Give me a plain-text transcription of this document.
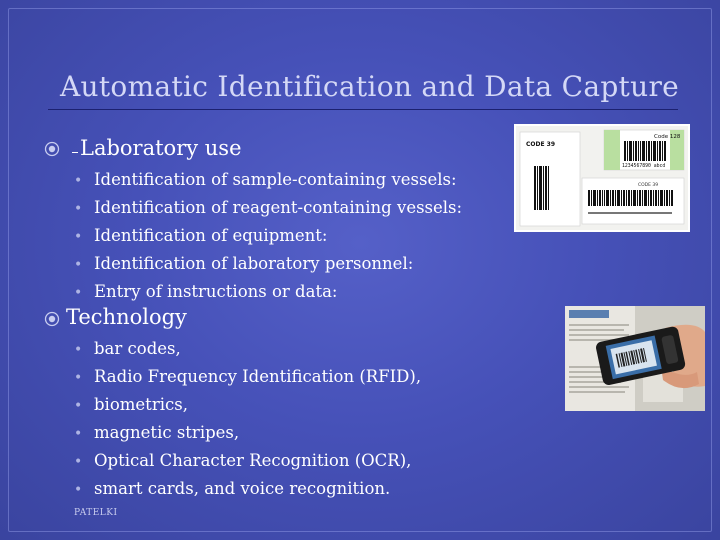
Automatic Identification and Data Capture
Laboratory use
• Identification of sample-containing vessels:
• Identification of reagent-containing vessels:
• Identification of equipment:
• Identification of laboratory personnel:
• Entry of instructions or data:
Technology
• bar codes,
• Radio Frequency Identification (RFID),
• biometrics,
• magnetic stripes,
• Optical Character Recognition (OCR),
• smart cards, and voice recognition.
PATELKI
CODE 39
Code 128
1234567890 abcd
CODE 39
